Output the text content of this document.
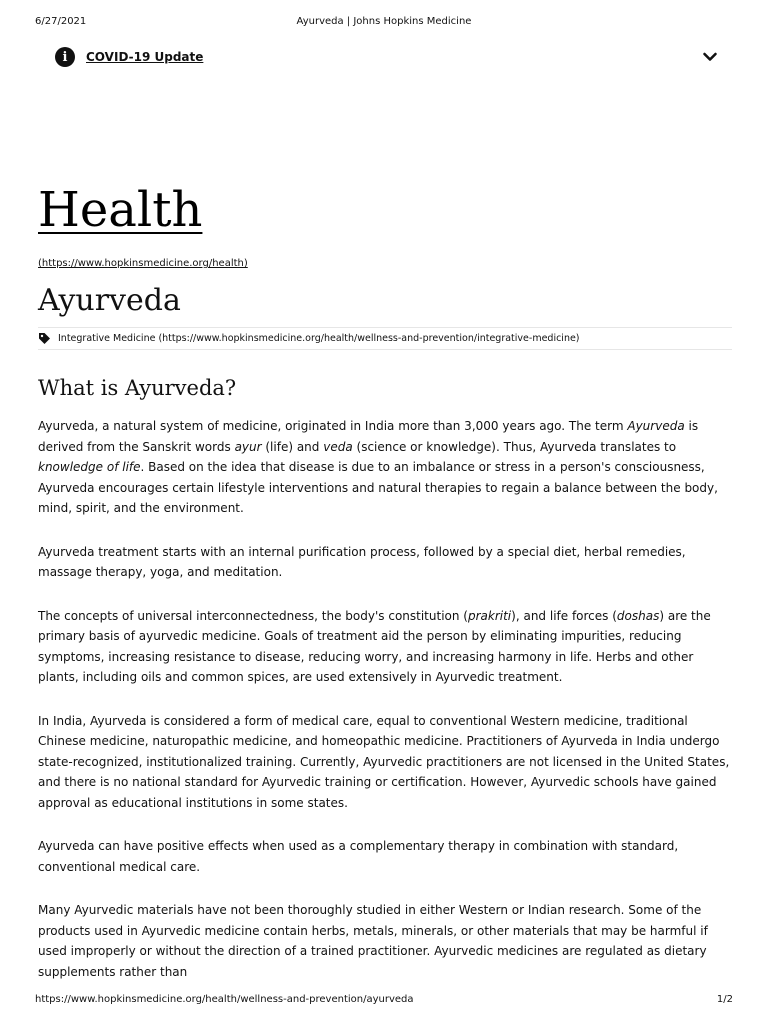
6/27/2021	Ayurveda | Johns Hopkins Medicine
i	COVID-19 Update
Health
(https://www.hopkinsmedicine.org/health)
Ayurveda
Integrative Medicine (https://www.hopkinsmedicine.org/health/wellness-and-prevention/integrative-medicine)
What is Ayurveda?

Ayurveda, a natural system of medicine, originated in India more than 3,000 years ago. The term Ayurveda is derived from the Sanskrit words ayur (life) and veda (science or knowledge). Thus, Ayurveda translates to knowledge of life. Based on the idea that disease is due to an imbalance or stress in a person's consciousness, Ayurveda encourages certain lifestyle interventions and natural therapies to regain a balance between the body, mind, spirit, and the environment.

Ayurveda treatment starts with an internal purification process, followed by a special diet, herbal remedies, massage therapy, yoga, and meditation.

The concepts of universal interconnectedness, the body's constitution (prakriti), and life forces (doshas) are the primary basis of ayurvedic medicine. Goals of treatment aid the person by eliminating impurities, reducing symptoms, increasing resistance to disease, reducing worry, and increasing harmony in life. Herbs and other plants, including oils and common spices, are used extensively in Ayurvedic treatment.

In India, Ayurveda is considered a form of medical care, equal to conventional Western medicine, traditional Chinese medicine, naturopathic medicine, and homeopathic medicine. Practitioners of Ayurveda in India undergo state-recognized, institutionalized training. Currently, Ayurvedic practitioners are not licensed in the United States, and there is no national standard for Ayurvedic training or certification. However, Ayurvedic schools have gained approval as educational institutions in some states.

Ayurveda can have positive effects when used as a complementary therapy in combination with standard, conventional medical care.

Many Ayurvedic materials have not been thoroughly studied in either Western or Indian research. Some of the products used in Ayurvedic medicine contain herbs, metals, minerals, or other materials that may be harmful if used improperly or without the direction of a trained practitioner. Ayurvedic medicines are regulated as dietary supplements rather than

https://www.hopkinsmedicine.org/health/wellness-and-prevention/ayurveda	1/2
